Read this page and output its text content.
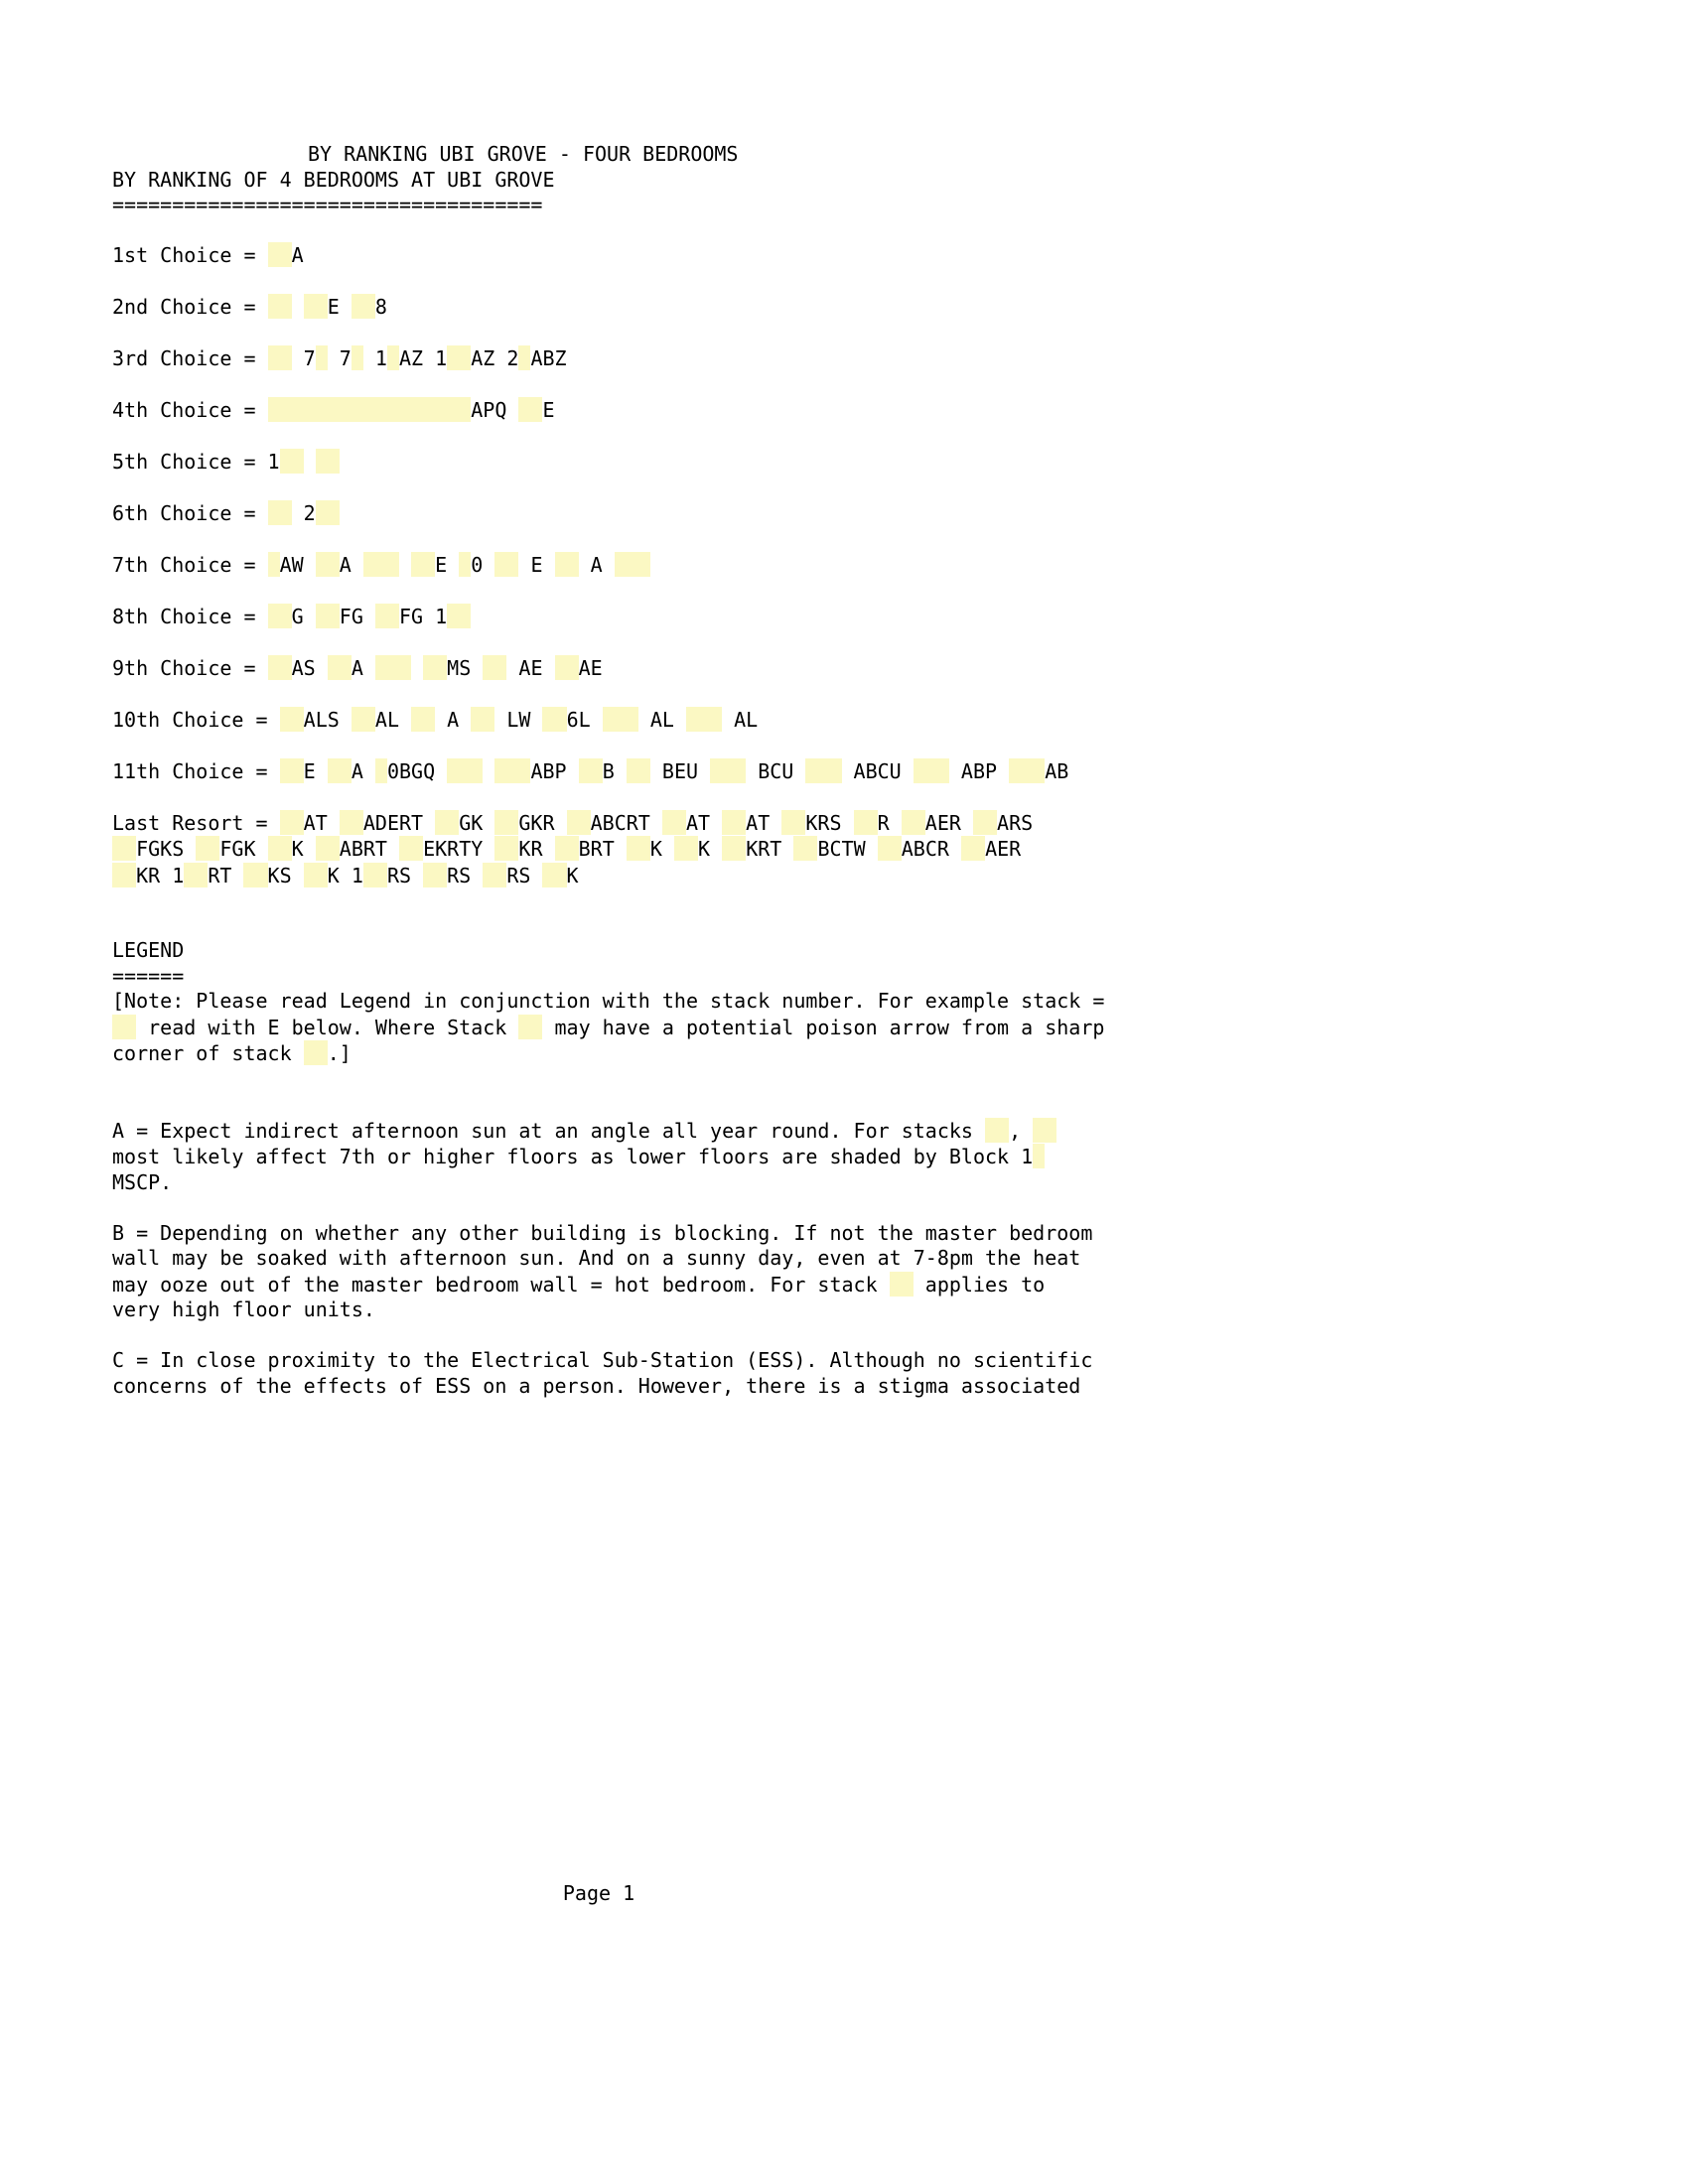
BY RANKING UBI GROVE - FOUR BEDROOMS
BY RANKING OF 4 BEDROOMS AT UBI GROVE
====================================
1st Choice = A
2nd Choice =	E 8
3rd Choice =  7 7 1 AZ 1 AZ 2 ABZ
4th Choice =	APQ E
5th Choice = 1
6th Choice =  2
7th Choice = AW A	E 0  E  A
8th Choice = G FG FG 1
9th Choice = AS A	MS  AE AE
10th Choice = ALS AL  A  LW 6L  AL  AL
11th Choice = E A 0BGQ	ABP B  BEU  BCU  ABCU  ABP AB
Last Resort = AT ADERT GK GKR ABCRT AT AT KRS R AER ARS
FGKS FGK K ABRT EKRTY KR BRT K K KRT BCTW ABCR AER
KR 1 RT KS K 1 RS RS RS K
LEGEND
======
[Note: Please read Legend in conjunction with the stack number. For example stack =
read with E below. Where Stack  may have a potential poison arrow from a sharp
corner of stack .]
A = Expect indirect afternoon sun at an angle all year round. For stacks ,
most likely affect 7th or higher floors as lower floors are shaded by Block 1
MSCP.
B = Depending on whether any other building is blocking. If not the master bedroom
wall may be soaked with afternoon sun. And on a sunny day, even at 7-8pm the heat
may ooze out of the master bedroom wall = hot bedroom. For stack  applies to
very high floor units.
C = In close proximity to the Electrical Sub-Station (ESS). Although no scientific
concerns of the effects of ESS on a person. However, there is a stigma associated
Page 1
